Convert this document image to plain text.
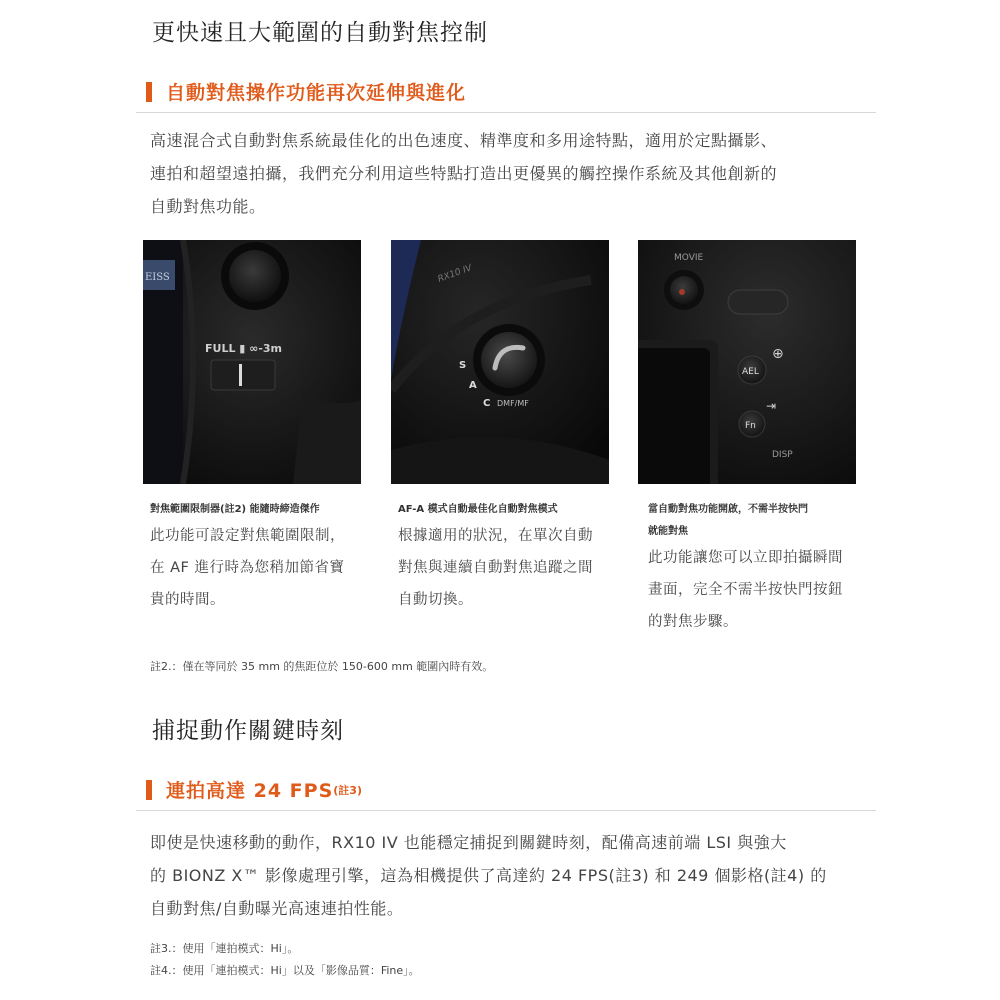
更快速且大範圍的自動對焦控制
自動對焦操作功能再次延伸與進化
高速混合式自動對焦系統最佳化的出色速度、精準度和多用途特點，適用於定點攝影、
連拍和超望遠拍攝，我們充分利用這些特點打造出更優異的觸控操作系統及其他創新的
自動對焦功能。
EISS
FULL ▮ ∞-3m
RX10 IV
S
A
C DMF/MF
MOVIE
⊕
AEL
⇥
Fn
DISP
對焦範圍限制器(註2) 能隨時締造傑作
此功能可設定對焦範圍限制，
在 AF 進行時為您稍加節省寶
貴的時間。
AF-A 模式自動最佳化自動對焦模式
根據適用的狀況，在單次自動
對焦與連續自動對焦追蹤之間
自動切換。
當自動對焦功能開啟，不需半按快門
就能對焦
此功能讓您可以立即拍攝瞬間
畫面，完全不需半按快門按鈕
的對焦步驟。
註2.：僅在等同於 35 mm 的焦距位於 150-600 mm 範圍內時有效。
捕捉動作關鍵時刻
連拍高達 24 FPS (註3)
即使是快速移動的動作，RX10 IV 也能穩定捕捉到關鍵時刻，配備高速前端 LSI 與強大
的 BIONZ X™ 影像處理引擎，這為相機提供了高達約 24 FPS(註3) 和 249 個影格(註4) 的
自動對焦/自動曝光高速連拍性能。
註3.：使用「連拍模式：Hi」。
註4.：使用「連拍模式：Hi」以及「影像品質：Fine」。
